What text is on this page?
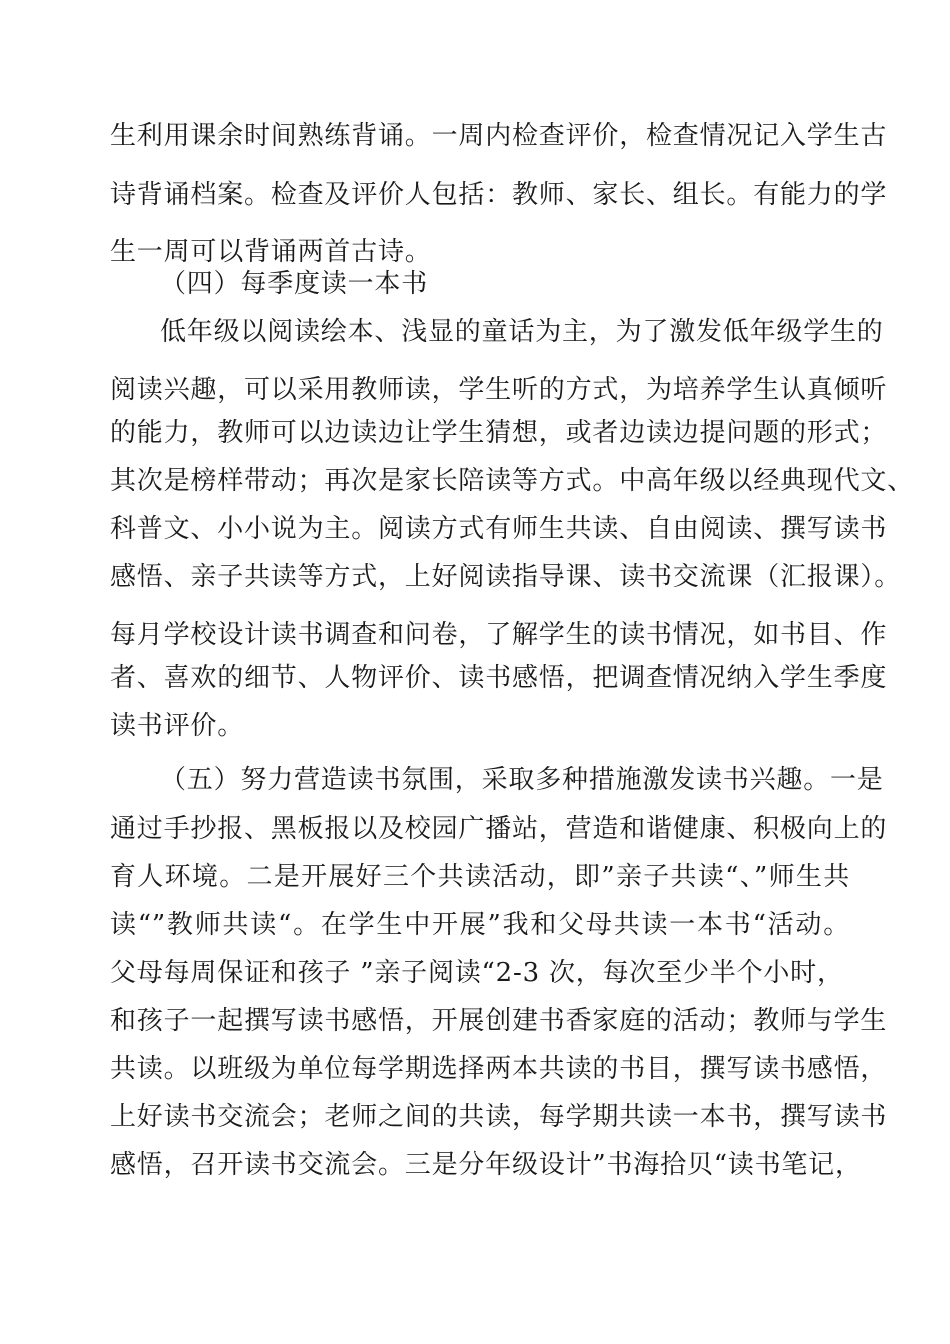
生利用课余时间熟练背诵。一周内检查评价，检查情况记入学生古
诗背诵档案。检查及评价人包括：教师、家长、组长。有能力的学
生一周可以背诵两首古诗。
（四）每季度读一本书
低年级以阅读绘本、浅显的童话为主，为了激发低年级学生的
阅读兴趣，可以采用教师读，学生听的方式，为培养学生认真倾听
的能力，教师可以边读边让学生猜想，或者边读边提问题的形式；
其次是榜样带动；再次是家长陪读等方式。中高年级以经典现代文、
科普文、小小说为主。阅读方式有师生共读、自由阅读、撰写读书
感悟、亲子共读等方式，上好阅读指导课、读书交流课（汇报课）。
每月学校设计读书调查和问卷，了解学生的读书情况，如书目、作
者、喜欢的细节、人物评价、读书感悟，把调查情况纳入学生季度
读书评价。
（五）努力营造读书氛围，采取多种措施激发读书兴趣。一是
通过手抄报、黑板报以及校园广播站，营造和谐健康、积极向上的
育人环境。二是开展好三个共读活动，即”亲子共读“、”师生共
读“”教师共读“。在学生中开展”我和父母共读一本书“活动。
父母每周保证和孩子 ”亲子阅读“2-3 次，每次至少半个小时，
和孩子一起撰写读书感悟，开展创建书香家庭的活动；教师与学生
共读。以班级为单位每学期选择两本共读的书目，撰写读书感悟，
上好读书交流会；老师之间的共读，每学期共读一本书，撰写读书
感悟，召开读书交流会。三是分年级设计”书海拾贝“读书笔记，
